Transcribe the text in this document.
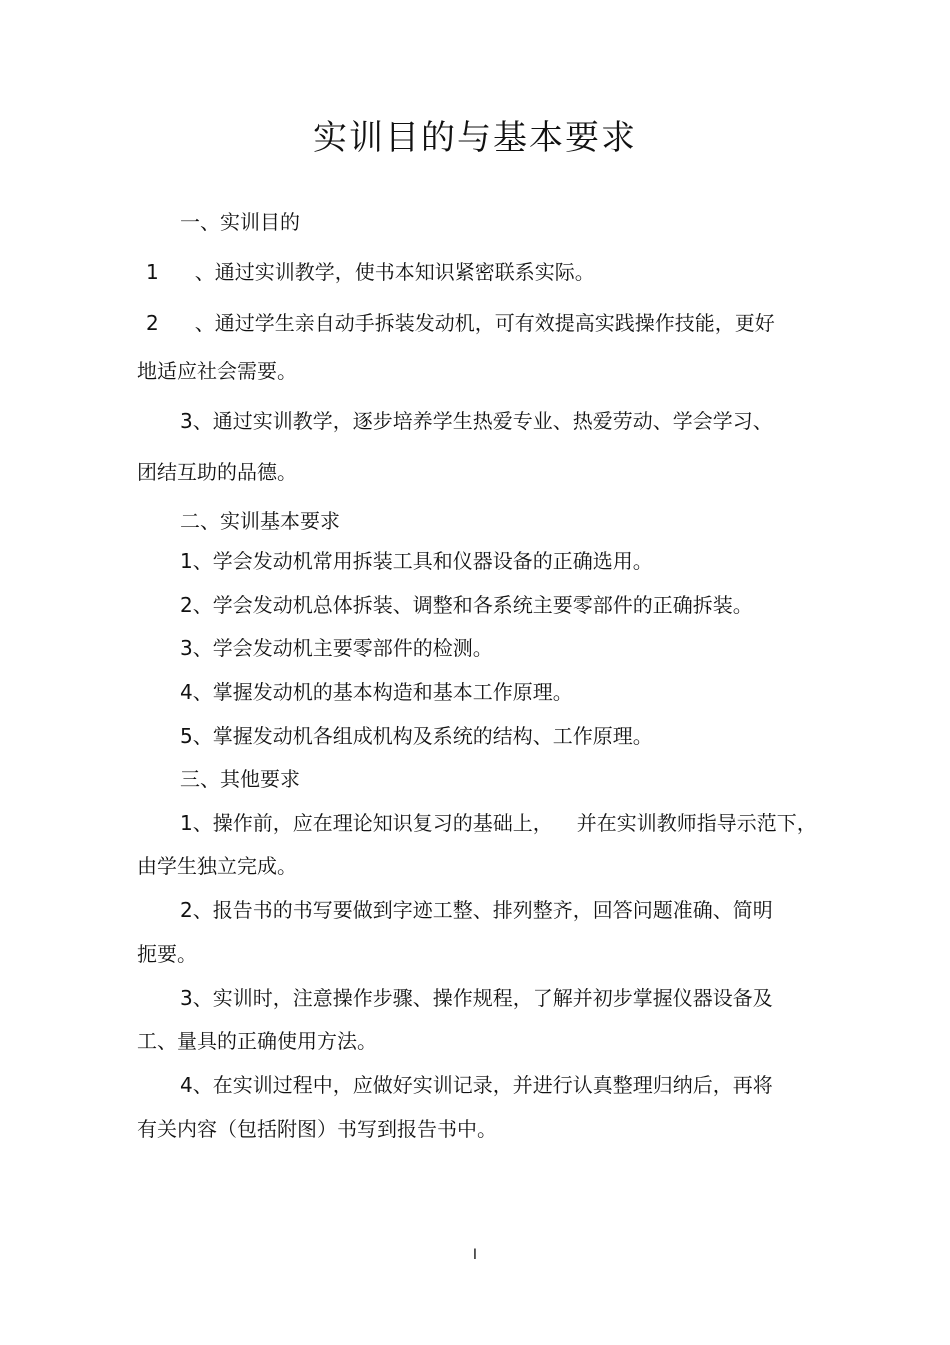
实训目的与基本要求

一、实训目的

1 、通过实训教学，使书本知识紧密联系实际。

2 、通过学生亲自动手拆装发动机，可有效提高实践操作技能，更好

地适应社会需要。

3、通过实训教学，逐步培养学生热爱专业、热爱劳动、学会学习、

团结互助的品德。

二、实训基本要求

1、学会发动机常用拆装工具和仪器设备的正确选用。

2、学会发动机总体拆装、调整和各系统主要零部件的正确拆装。

3、学会发动机主要零部件的检测。

4、掌握发动机的基本构造和基本工作原理。

5、掌握发动机各组成机构及系统的结构、工作原理。

三、其他要求

1、操作前，应在理论知识复习的基础上， 并在实训教师指导示范下，

由学生独立完成。

2、报告书的书写要做到字迹工整、排列整齐，回答问题准确、简明

扼要。

3、实训时，注意操作步骤、操作规程，了解并初步掌握仪器设备及

工、量具的正确使用方法。

4、在实训过程中，应做好实训记录，并进行认真整理归纳后，再将

有关内容（包括附图）书写到报告书中。

I
